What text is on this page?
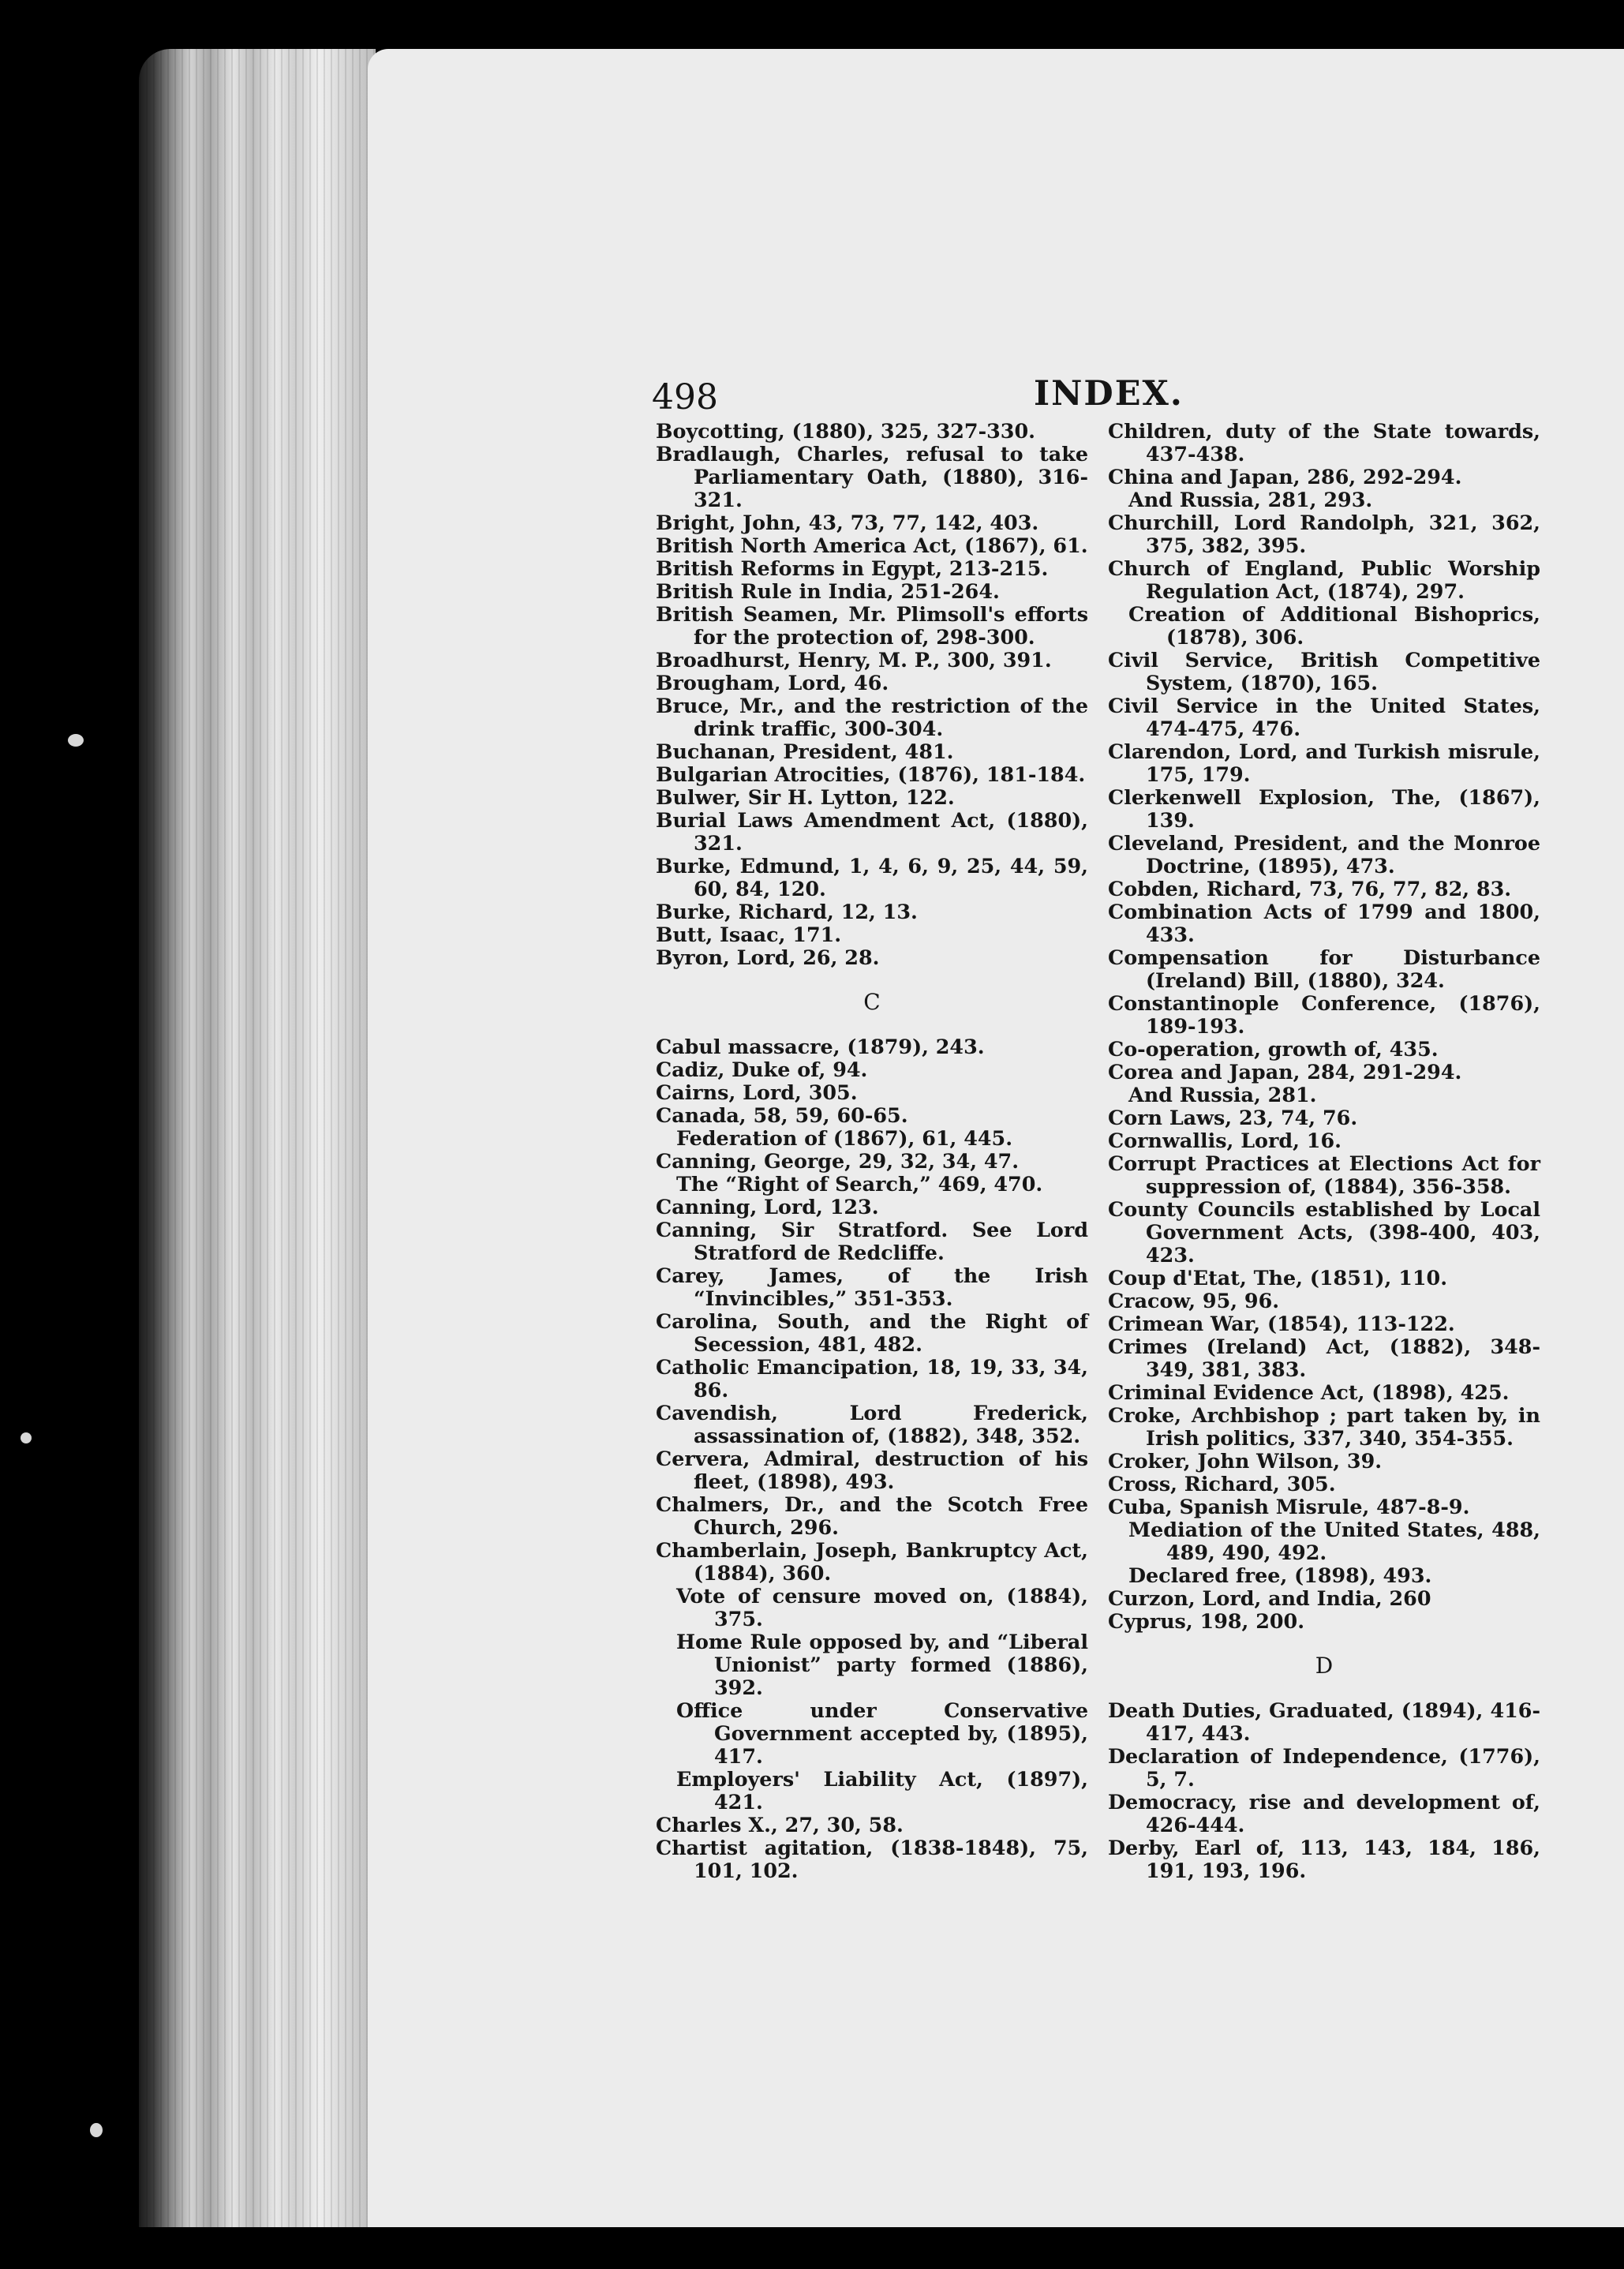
498	INDEX.
Boycotting, (1880), 325, 327-330.
Bradlaugh, Charles, refusal to take Parliamentary Oath, (1880), 316-321.
Bright, John, 43, 73, 77, 142, 403.
British North America Act, (1867), 61.
British Reforms in Egypt, 213-215.
British Rule in India, 251-264.
British Seamen, Mr. Plimsoll's efforts for the protection of, 298-300.
Broadhurst, Henry, M. P., 300, 391.
Brougham, Lord, 46.
Bruce, Mr., and the restriction of the drink traffic, 300-304.
Buchanan, President, 481.
Bulgarian Atrocities, (1876), 181-184.
Bulwer, Sir H. Lytton, 122.
Burial Laws Amendment Act, (1880), 321.
Burke, Edmund, 1, 4, 6, 9, 25, 44, 59, 60, 84, 120.
Burke, Richard, 12, 13.
Butt, Isaac, 171.
Byron, Lord, 26, 28.
C
Cabul massacre, (1879), 243.
Cadiz, Duke of, 94.
Cairns, Lord, 305.
Canada, 58, 59, 60-65.
Federation of (1867), 61, 445.
Canning, George, 29, 32, 34, 47.
The “Right of Search,” 469, 470.
Canning, Lord, 123.
Canning, Sir Stratford. See Lord Stratford de Redcliffe.
Carey, James, of the Irish “Invincibles,” 351-353.
Carolina, South, and the Right of Secession, 481, 482.
Catholic Emancipation, 18, 19, 33, 34, 86.
Cavendish, Lord Frederick, assassination of, (1882), 348, 352.
Cervera, Admiral, destruction of his fleet, (1898), 493.
Chalmers, Dr., and the Scotch Free Church, 296.
Chamberlain, Joseph, Bankruptcy Act, (1884), 360.
Vote of censure moved on, (1884), 375.
Home Rule opposed by, and “Liberal Unionist” party formed (1886), 392.
Office under Conservative Government accepted by, (1895), 417.
Employers' Liability Act, (1897), 421.
Charles X., 27, 30, 58.
Chartist agitation, (1838-1848), 75, 101, 102.
Children, duty of the State towards, 437-438.
China and Japan, 286, 292-294.
And Russia, 281, 293.
Churchill, Lord Randolph, 321, 362, 375, 382, 395.
Church of England, Public Worship Regulation Act, (1874), 297.
Creation of Additional Bishoprics, (1878), 306.
Civil Service, British Competitive System, (1870), 165.
Civil Service in the United States, 474-475, 476.
Clarendon, Lord, and Turkish misrule, 175, 179.
Clerkenwell Explosion, The, (1867), 139.
Cleveland, President, and the Monroe Doctrine, (1895), 473.
Cobden, Richard, 73, 76, 77, 82, 83.
Combination Acts of 1799 and 1800, 433.
Compensation for Disturbance (Ireland) Bill, (1880), 324.
Constantinople Conference, (1876), 189-193.
Co-operation, growth of, 435.
Corea and Japan, 284, 291-294.
And Russia, 281.
Corn Laws, 23, 74, 76.
Cornwallis, Lord, 16.
Corrupt Practices at Elections Act for suppression of, (1884), 356-358.
County Councils established by Local Government Acts, (398-400, 403, 423.
Coup d'Etat, The, (1851), 110.
Cracow, 95, 96.
Crimean War, (1854), 113-122.
Crimes (Ireland) Act, (1882), 348-349, 381, 383.
Criminal Evidence Act, (1898), 425.
Croke, Archbishop ; part taken by, in Irish politics, 337, 340, 354-355.
Croker, John Wilson, 39.
Cross, Richard, 305.
Cuba, Spanish Misrule, 487-8-9.
Mediation of the United States, 488, 489, 490, 492.
Declared free, (1898), 493.
Curzon, Lord, and India, 260
Cyprus, 198, 200.
D
Death Duties, Graduated, (1894), 416-417, 443.
Declaration of Independence, (1776), 5, 7.
Democracy, rise and development of, 426-444.
Derby, Earl of, 113, 143, 184, 186, 191, 193, 196.
